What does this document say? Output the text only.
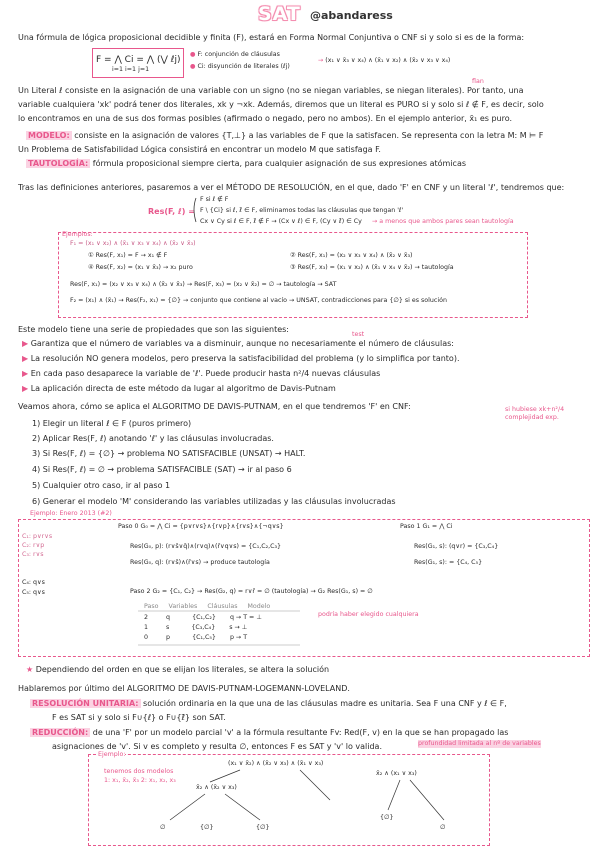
SAT @abandaress
Una fórmula de lógica proposicional decidible y finita (F), estará en Forma Normal Conjuntiva o CNF si y solo si es de la forma:
F = ⋀ Ci = ⋀ (⋁ ℓj)
i=1 i=1 j=1
● F: conjunción de cláusulas
● Ci: disyunción de literales (ℓj)
→ (x₁ ∨ x̄₃ ∨ x₄) ∧ (x̄₁ ∨ x₂) ∧ (x̄₂ ∨ x₃ ∨ x₄)
Un Literal ℓ consiste en la asignación de una variable con un signo (no se niegan variables, se niegan literales). Por tanto, una
variable cualquiera 'xk' podrá tener dos literales, xk y ¬xk. Además, diremos que un literal es PURO si y solo si ℓ ∉ F, es decir, solo
lo encontramos en una de sus dos formas posibles (afirmado o negado, pero no ambos). En el ejemplo anterior, x̄₁ es puro.
flan
MODELO: consiste en la asignación de valores {T,⊥} a las variables de F que la satisfacen. Se representa con la letra M: M ⊨ F
Un Problema de Satisfabilidad Lógica consistirá en encontrar un modelo M que satisfaga F.
TAUTOLOGÍA: fórmula proposicional siempre cierta, para cualquier asignación de sus expresiones atómicas
Tras las definiciones anteriores, pasaremos a ver el MÉTODO DE RESOLUCIÓN, en el que, dado 'F' en CNF y un literal 'ℓ', tendremos que:
Res(F, ℓ) =
F si ℓ ∉ F
F \ {Ci} si ℓ, ℓ̄ ∈ F, eliminamos todas las cláusulas que tengan 'ℓ'
Cx ∨ Cy si ℓ ∈ F, ℓ̄ ∉ F → (Cx ∨ ℓ) ∈ F, (Cy ∨ ℓ̄) ∈ Cy → a menos que ambos pares sean tautología
Ejemplos:
F₁ = (x₁ ∨ x₂) ∧ (x̄₁ ∨ x₃ ∨ x₄) ∧ (x̄₂ ∨ x̄₃)
① Res(F, x₁) = F → x₁ ∉ F	② Res(F, x₁) = (x₂ ∨ x₃ ∨ x₄) ∧ (x̄₂ ∨ x̄₃)
③ Res(F, x₃) = (x₁ ∨ x₂) ∧ (x̄₁ ∨ x₄ ∨ x̄₂) → tautología
④ Res(F, x₂) = (x₁ ∨ x̄₃) → x₂ puro
Res(F, x₁) = (x₂ ∨ x₃ ∨ x₄) ∧ (x̄₂ ∨ x̄₃) → Res(F, x₃) = (x₂ ∨ x̄₂) = ∅ → tautología → SAT
F₂ = (x₁) ∧ (x̄₁) → Res(F₂, x₁) = {∅} → conjunto que contiene al vacío → UNSAT, contradicciones para {∅} si es solución
Este modelo tiene una serie de propiedades que son las siguientes:
▶ Garantiza que el número de variables va a disminuir, aunque no necesariamente el número de cláusulas:
test
▶ La resolución NO genera modelos, pero preserva la satisfacibilidad del problema (y lo simplifica por tanto).
▶ En cada paso desaparece la variable de 'ℓ'. Puede producir hasta n²/4 nuevas cláusulas
▶ La aplicación directa de este método da lugar al algoritmo de Davis-Putnam
si hubiese xk+n²/4 complejidad exp.
Veamos ahora, cómo se aplica el ALGORITMO DE DAVIS-PUTNAM, en el que tendremos 'F' en CNF:
1) Elegir un literal ℓ ∈ F (puros primero)
2) Aplicar Res(F, ℓ) anotando 'ℓ' y las cláusulas involucradas.
3) Si Res(F, ℓ) = {∅} → problema NO SATISFACIBLE (UNSAT) → HALT.
4) Si Res(F, ℓ) = ∅ → problema SATISFACIBLE (SAT) → ir al paso 6
5) Cualquier otro caso, ir al paso 1
6) Generar el modelo 'M' considerando las variables utilizadas y las cláusulas involucradas
Ejemplo: Enero 2013 (#2)
C₁: p∨r∨s
C₂: r∨p
C₃: r∨s
C₄: q∨s
C₅: q∨s
Paso 0 G₀ = ⋀ Ci = {p∨r∨s}∧{r∨p}∧{r∨s}∧{¬q∨s}	Paso 1 G₁ = ⋀ Ci
Res(G₀, p): (r∨s̄∨q̄)∧(r∨q)∧(r̄∨q∨s) = {C₁,C₂,C₃}	Res(G₁, s): (q∨r) = {C₃,C₄}
Res(G₀, q): (r∨s̄)∧(r̄∨s) → produce tautología	Res(G₁, s): = {C₄, C₅}
Paso 2 G₂ = {C₁, C₂} → Res(G₂, q) = r∨r̄ = ∅ (tautología) → G₂ Res(G₁, s) = ∅
Paso Variables Cláusulas Modelo
2	q	{C₁,C₂} q → T = ⊥
1	s	{C₃,C₄} s → ⊥
0	p	{C₁,C₅} p → T
podría haber elegido cualquiera
★ Dependiendo del orden en que se elijan los literales, se altera la solución
Hablaremos por último del ALGORITMO DE DAVIS-PUTNAM-LOGEMANN-LOVELAND.
RESOLUCIÓN UNITARIA: solución ordinaria en la que una de las cláusulas madre es unitaria. Sea F una CNF y ℓ ∈ F,
F es SAT si y solo si F∪{ℓ} o F∪{ℓ̄} son SAT.
REDUCCIÓN: de una 'F' por un modelo parcial 'v' a la fórmula resultante Fv: Red(F, v) en la que se han propagado las
asignaciones de 'v'. Si v es completo y resulta ∅, entonces F es SAT y 'v' lo valida.	profundidad limitada al nº de variables
Ejemplo:
tenemos dos modelos
1: x₁, x̄₂, x̄₃ 2: x₁, x₂, x₃
(x₁ ∨ x̄₂) ∧ (x̄₂ ∨ x₃) ∧ (x̄₁ ∨ x₃)
x̄₂ ∧ (x̄₂ ∨ x₃)
x̄₂ ∧ (x₁ ∨ x₃)
∅	{∅}	{∅}
{∅}
∅
